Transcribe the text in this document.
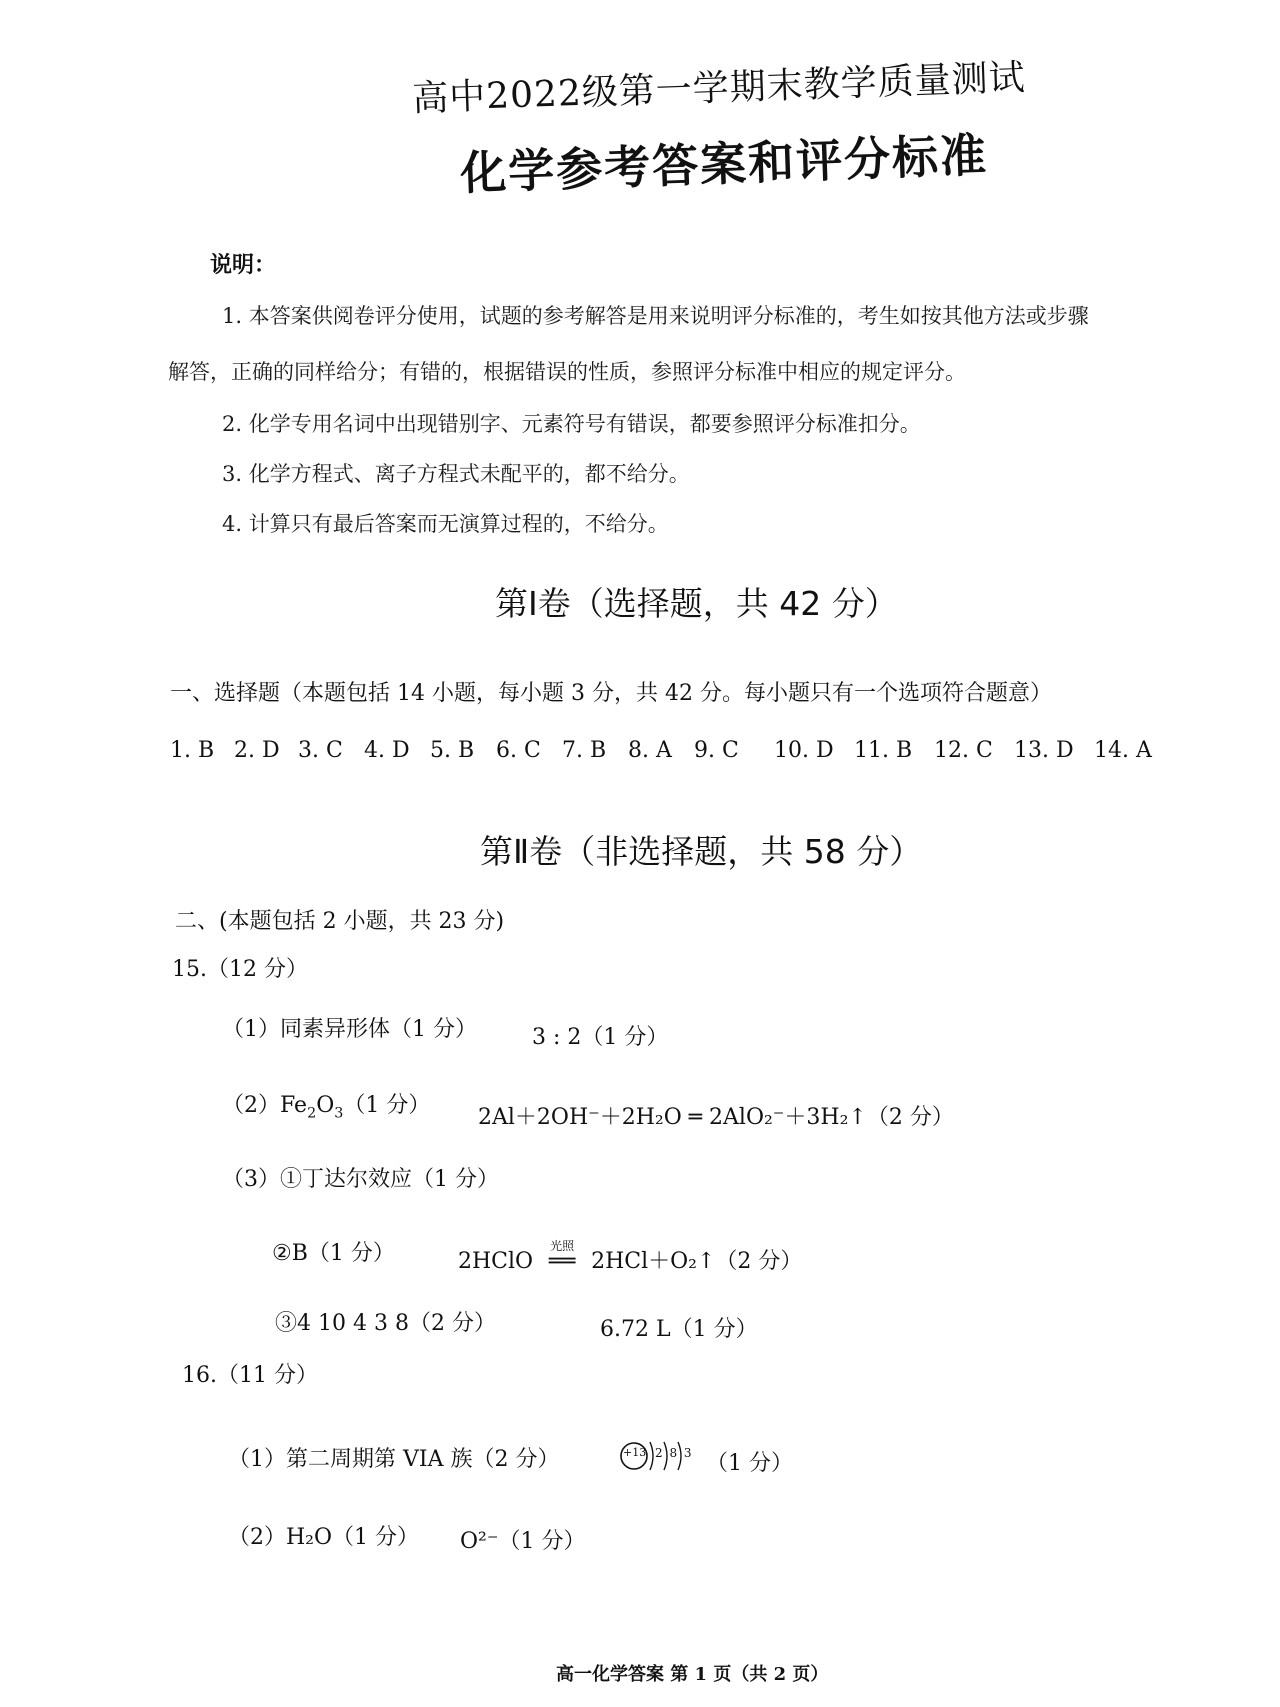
高中2022级第一学期末教学质量测试
化学参考答案和评分标准
说明：
1. 本答案供阅卷评分使用，试题的参考解答是用来说明评分标准的，考生如按其他方法或步骤
解答，正确的同样给分；有错的，根据错误的性质，参照评分标准中相应的规定评分。
2. 化学专用名词中出现错别字、元素符号有错误，都要参照评分标准扣分。
3. 化学方程式、离子方程式未配平的，都不给分。
4. 计算只有最后答案而无演算过程的，不给分。
第Ⅰ卷（选择题，共 42 分）
一、选择题（本题包括 14 小题，每小题 3 分，共 42 分。每小题只有一个选项符合题意）
1. B 2. D 3. C 4. D 5. B 6. C 7. B 8. A	9. C	10. D 11. B 12. C 13. D 14. A
第Ⅱ卷（非选择题，共 58 分）
二、(本题包括 2 小题，共 23 分)
15.（12 分）
（1）同素异形体（1 分）	3 : 2（1 分）
$(2)Fe_2O_3(1$ 分） 2Al＋2OH⁻＋2H₂O ═ 2AlO₂⁻＋3H₂↑（2 分）
（3）①丁达尔效应（1 分）
②B（1 分）	2HClO
光照
══ 2HCl＋O₂↑（2 分）
③4 10 4 3 8（2 分）	6.72 L（1 分）
16.（11 分）
（1）第二周期第 VIA 族（2 分）	+13 2 8 3 （1 分）
（2）H₂O（1 分） O²⁻（1 分）
高一化学答案 第 1 页（共 2 页）
